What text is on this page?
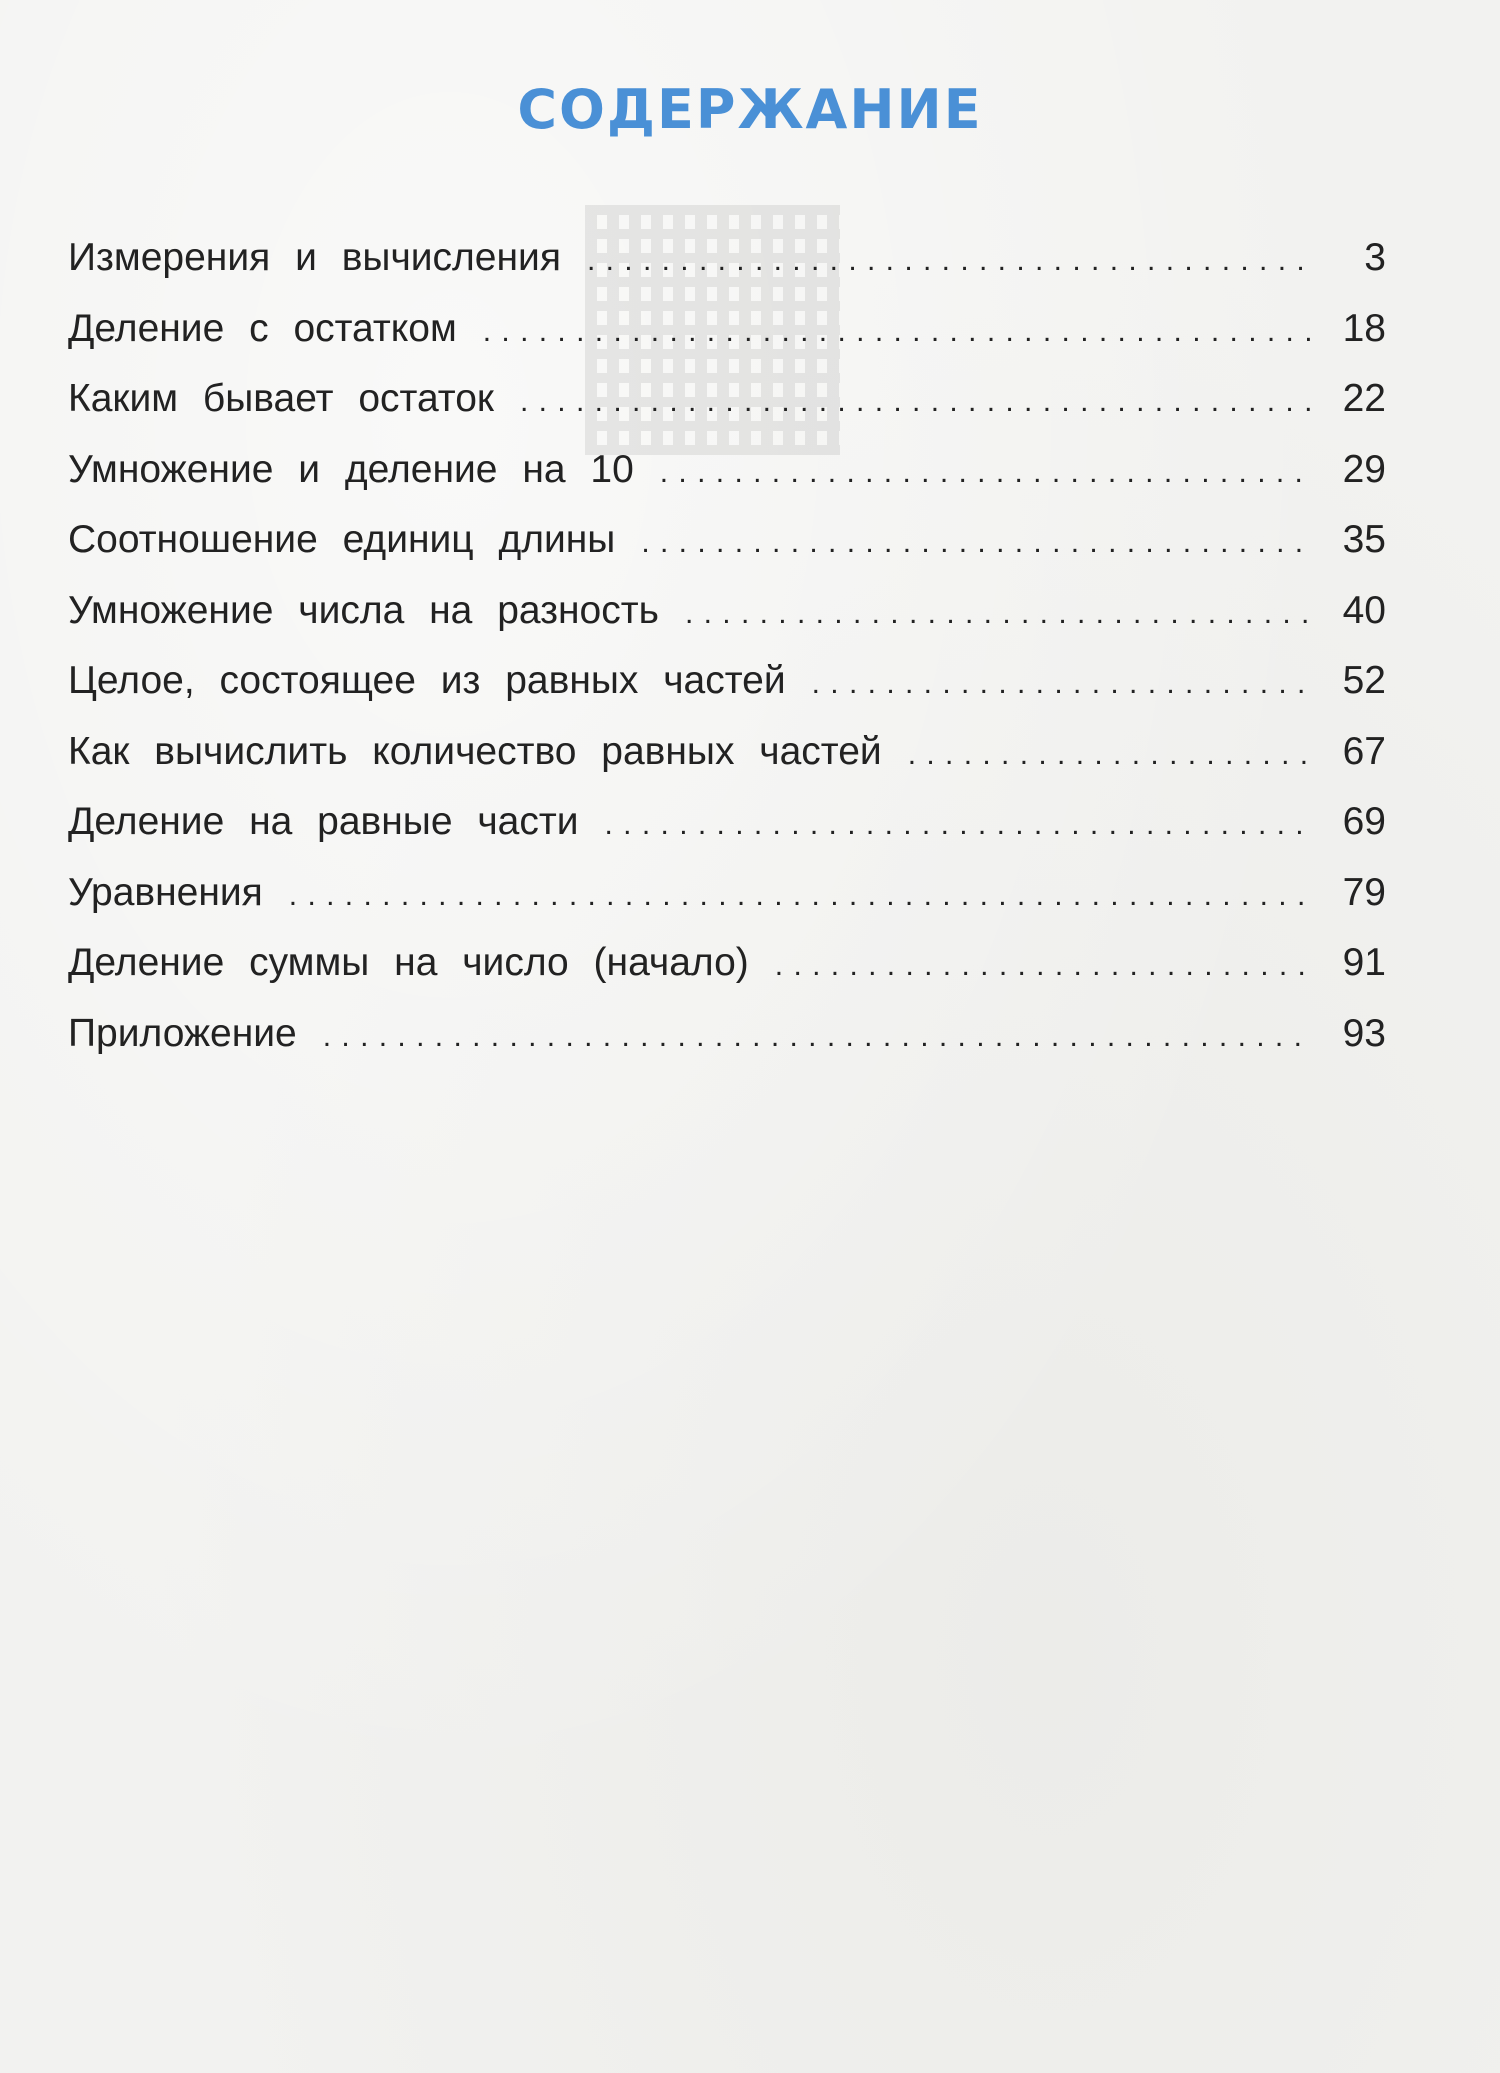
СОДЕРЖАНИЕ
Измерения и вычисления . . .	3
Деление с остатком . . .	18
Каким бывает остаток . . .	22
Умножение и деление на 10 . . .	29
Соотношение единиц длины . . .	35
Умножение числа на разность . . .	40
Целое, состоящее из равных частей . . .	52
Как вычислить количество равных частей . . .	67
Деление на равные части . . .	69
Уравнения . . .	79
Деление суммы на число (начало) . . .	91
Приложение . . .	93
